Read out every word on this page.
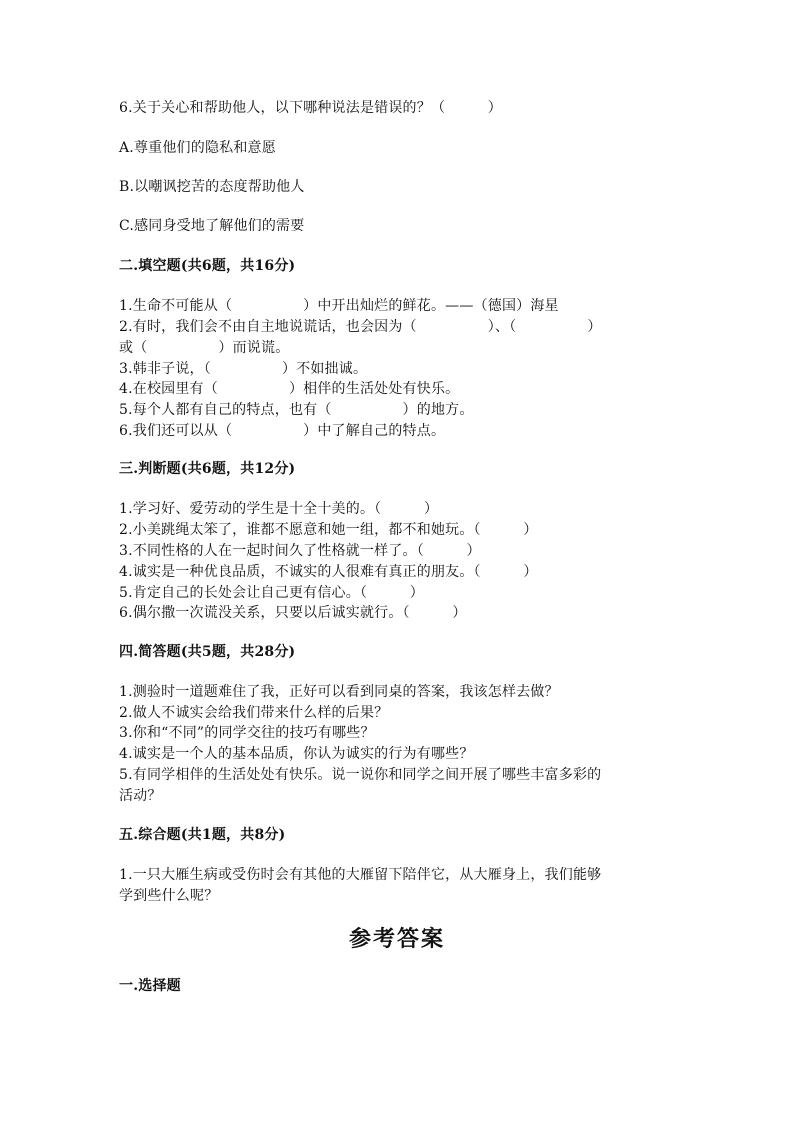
6.关于关心和帮助他人，以下哪种说法是错误的？（　　　）
A.尊重他们的隐私和意愿
B.以嘲讽挖苦的态度帮助他人
C.感同身受地了解他们的需要
二.填空题(共6题，共16分)
1.生命不可能从（　　　　　）中开出灿烂的鲜花。——（德国）海星
2.有时，我们会不由自主地说谎话，也会因为（　　　　　）、（　　　　　）
或（　　　　　）而说谎。
3.韩非子说，（　　　　　）不如拙诚。
4.在校园里有（　　　　　）相伴的生活处处有快乐。
5.每个人都有自己的特点，也有（　　　　　）的地方。
6.我们还可以从（　　　　　）中了解自己的特点。
三.判断题(共6题，共12分)
1.学习好、爱劳动的学生是十全十美的。（　　　）
2.小美跳绳太笨了，谁都不愿意和她一组，都不和她玩。（　　　）
3.不同性格的人在一起时间久了性格就一样了。（　　　）
4.诚实是一种优良品质，不诚实的人很难有真正的朋友。（　　　）
5.肯定自己的长处会让自己更有信心。（　　　）
6.偶尔撒一次谎没关系，只要以后诚实就行。（　　　）
四.简答题(共5题，共28分)
1.测验时一道题难住了我，正好可以看到同桌的答案，我该怎样去做？
2.做人不诚实会给我们带来什么样的后果？
3.你和“不同”的同学交往的技巧有哪些？
4.诚实是一个人的基本品质，你认为诚实的行为有哪些？
5.有同学相伴的生活处处有快乐。说一说你和同学之间开展了哪些丰富多彩的
活动？
五.综合题(共1题，共8分)
1.一只大雁生病或受伤时会有其他的大雁留下陪伴它，从大雁身上，我们能够
学到些什么呢？
参考答案
一.选择题
